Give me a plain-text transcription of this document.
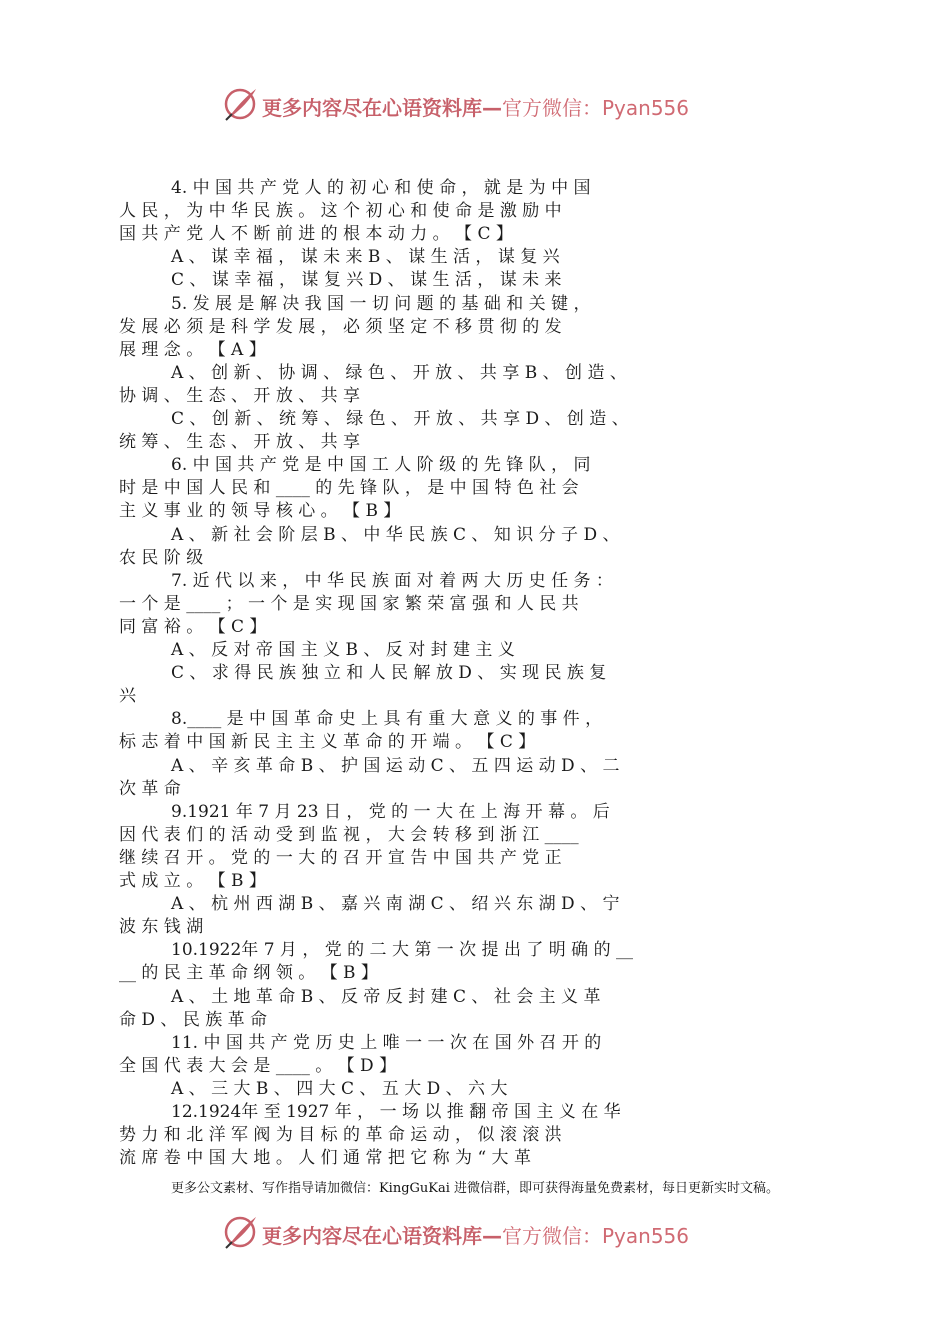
更多内容尽在心语资料库—官方微信：Pyan556
4. 中 国 共 产 党 人 的 初 心 和 使 命 ， 就 是 为 中 国
人 民 ， 为 中 华 民 族 。 这 个 初 心 和 使 命 是 激 励 中
国 共 产 党 人 不 断 前 进 的 根 本 动 力 。 【 C 】
A 、 谋 幸 福 ， 谋 未 来 B 、 谋 生 活 ， 谋 复 兴
C 、 谋 幸 福 ， 谋 复 兴 D 、 谋 生 活 ， 谋 未 来
5. 发 展 是 解 决 我 国 一 切 问 题 的 基 础 和 关 键 ，
发 展 必 须 是 科 学 发 展 ， 必 须 坚 定 不 移 贯 彻 的 发
展 理 念 。 【 A 】
A 、 创 新 、 协 调 、 绿 色 、 开 放 、 共 享 B 、 创 造 、
协 调 、 生 态 、 开 放 、 共 享
C 、 创 新 、 统 筹 、 绿 色 、 开 放 、 共 享 D 、 创 造 、
统 筹 、 生 态 、 开 放 、 共 享
6. 中 国 共 产 党 是 中 国 工 人 阶 级 的 先 锋 队 ， 同
时 是 中 国 人 民 和 ____ 的 先 锋 队 ， 是 中 国 特 色 社 会
主 义 事 业 的 领 导 核 心 。 【 B 】
A 、 新 社 会 阶 层 B 、 中 华 民 族 C 、 知 识 分 子 D 、
农 民 阶 级
7. 近 代 以 来 ， 中 华 民 族 面 对 着 两 大 历 史 任 务 ：
一 个 是 ____ ； 一 个 是 实 现 国 家 繁 荣 富 强 和 人 民 共
同 富 裕 。 【 C 】
A 、 反 对 帝 国 主 义 B 、 反 对 封 建 主 义
C 、 求 得 民 族 独 立 和 人 民 解 放 D 、 实 现 民 族 复
兴
8.____ 是 中 国 革 命 史 上 具 有 重 大 意 义 的 事 件 ，
标 志 着 中 国 新 民 主 主 义 革 命 的 开 端 。 【 C 】
A 、 辛 亥 革 命 B 、 护 国 运 动 C 、 五 四 运 动 D 、 二
次 革 命
9.1921 年 7 月 23 日 ， 党 的 一 大 在 上 海 开 幕 。 后
因 代 表 们 的 活 动 受 到 监 视 ， 大 会 转 移 到 浙 江 ____
继 续 召 开 。 党 的 一 大 的 召 开 宣 告 中 国 共 产 党 正
式 成 立 。 【 B 】
A 、 杭 州 西 湖 B 、 嘉 兴 南 湖 C 、 绍 兴 东 湖 D 、 宁
波 东 钱 湖
10.1922年 7 月 ， 党 的 二 大 第 一 次 提 出 了 明 确 的 __
__ 的 民 主 革 命 纲 领 。 【 B 】
A 、 土 地 革 命 B 、 反 帝 反 封 建 C 、 社 会 主 义 革
命 D 、 民 族 革 命
11. 中 国 共 产 党 历 史 上 唯 一 一 次 在 国 外 召 开 的
全 国 代 表 大 会 是 ____ 。 【 D 】
A 、 三 大 B 、 四 大 C 、 五 大 D 、 六 大
12.1924年 至 1927 年 ， 一 场 以 推 翻 帝 国 主 义 在 华
势 力 和 北 洋 军 阀 为 目 标 的 革 命 运 动 ， 似 滚 滚 洪
流 席 卷 中 国 大 地 。 人 们 通 常 把 它 称 为 “ 大 革
更多公文素材、写作指导请加微信：KingGuKai 进微信群，即可获得海量免费素材，每日更新实时文稿。
更多内容尽在心语资料库—官方微信：Pyan556
